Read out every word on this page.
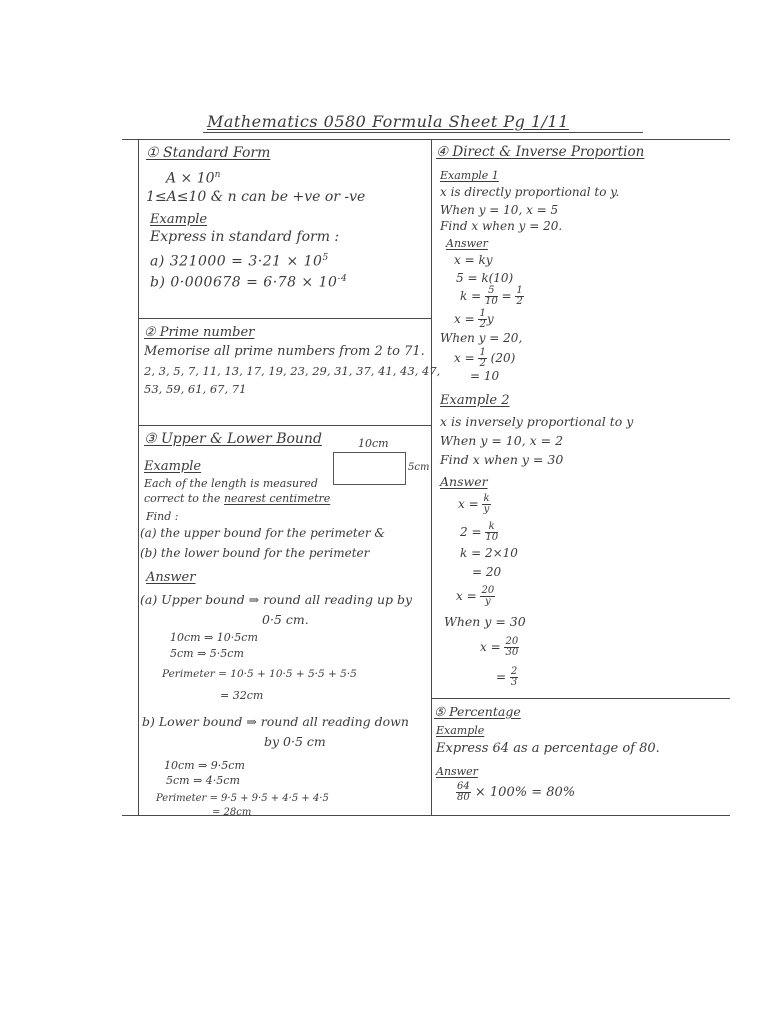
Mathematics 0580 Formula Sheet Pg 1/11
① Standard Form
$A \times 10^n$
1≤A≤10 & n can be +ve or -ve
Example
Express in standard form :
a) $321000 = 3\cdot 21 \times 10^5$
b) $0\cdot 000678 = 6\cdot 78 \times 10^{-4}$
② Prime number
Memorise all prime numbers from 2 to 71.
2, 3, 5, 7, 11, 13, 17, 19, 23, 29, 31, 37, 41, 43, 47,
53, 59, 61, 67, 71
③ Upper & Lower Bound	10cm
5cm
Example
Each of the length is measured
correct to the nearest centimetre
Find :
(a) the upper bound for the perimeter &
(b) the lower bound for the perimeter
Answer
(a) Upper bound ⇒ round all reading up by
0·5 cm.
10cm ⇒ 10·5cm
5cm ⇒ 5·5cm
Perimeter = 10·5 + 10·5 + 5·5 + 5·5
= 32cm
b) Lower bound ⇒ round all reading down
by 0·5 cm
10cm ⇒ 9·5cm
5cm ⇒ 4·5cm
Perimeter = 9·5 + 9·5 + 4·5 + 4·5
= 28cm
④ Direct & Inverse Proportion
Example 1
x is directly proportional to y.
When y = 10, x = 5
Find x when y = 20.
Answer
x = ky
5 = k(10)
$k = \frac{5}{10} = \frac{1}{2}$
$x = \frac{1}{2}$ y
When y = 20,
$x = \frac{1}{2} (20)$
= 10
Example 2
x is inversely proportional to y
When y = 10, x = 2
Find x when y = 30
Answer
$x = \frac{k}{y}$
$2 = \frac{k}{10}$
k = 2×10
= 20
$x = \frac{20}{y}$
When y = 30
$x = \frac{20}{30}$
= $\frac{2}{3}$
⑤ Percentage
Example
Express 64 as a percentage of 80.
Answer
$\frac{64}{80} \times 100\% = 80\%$
